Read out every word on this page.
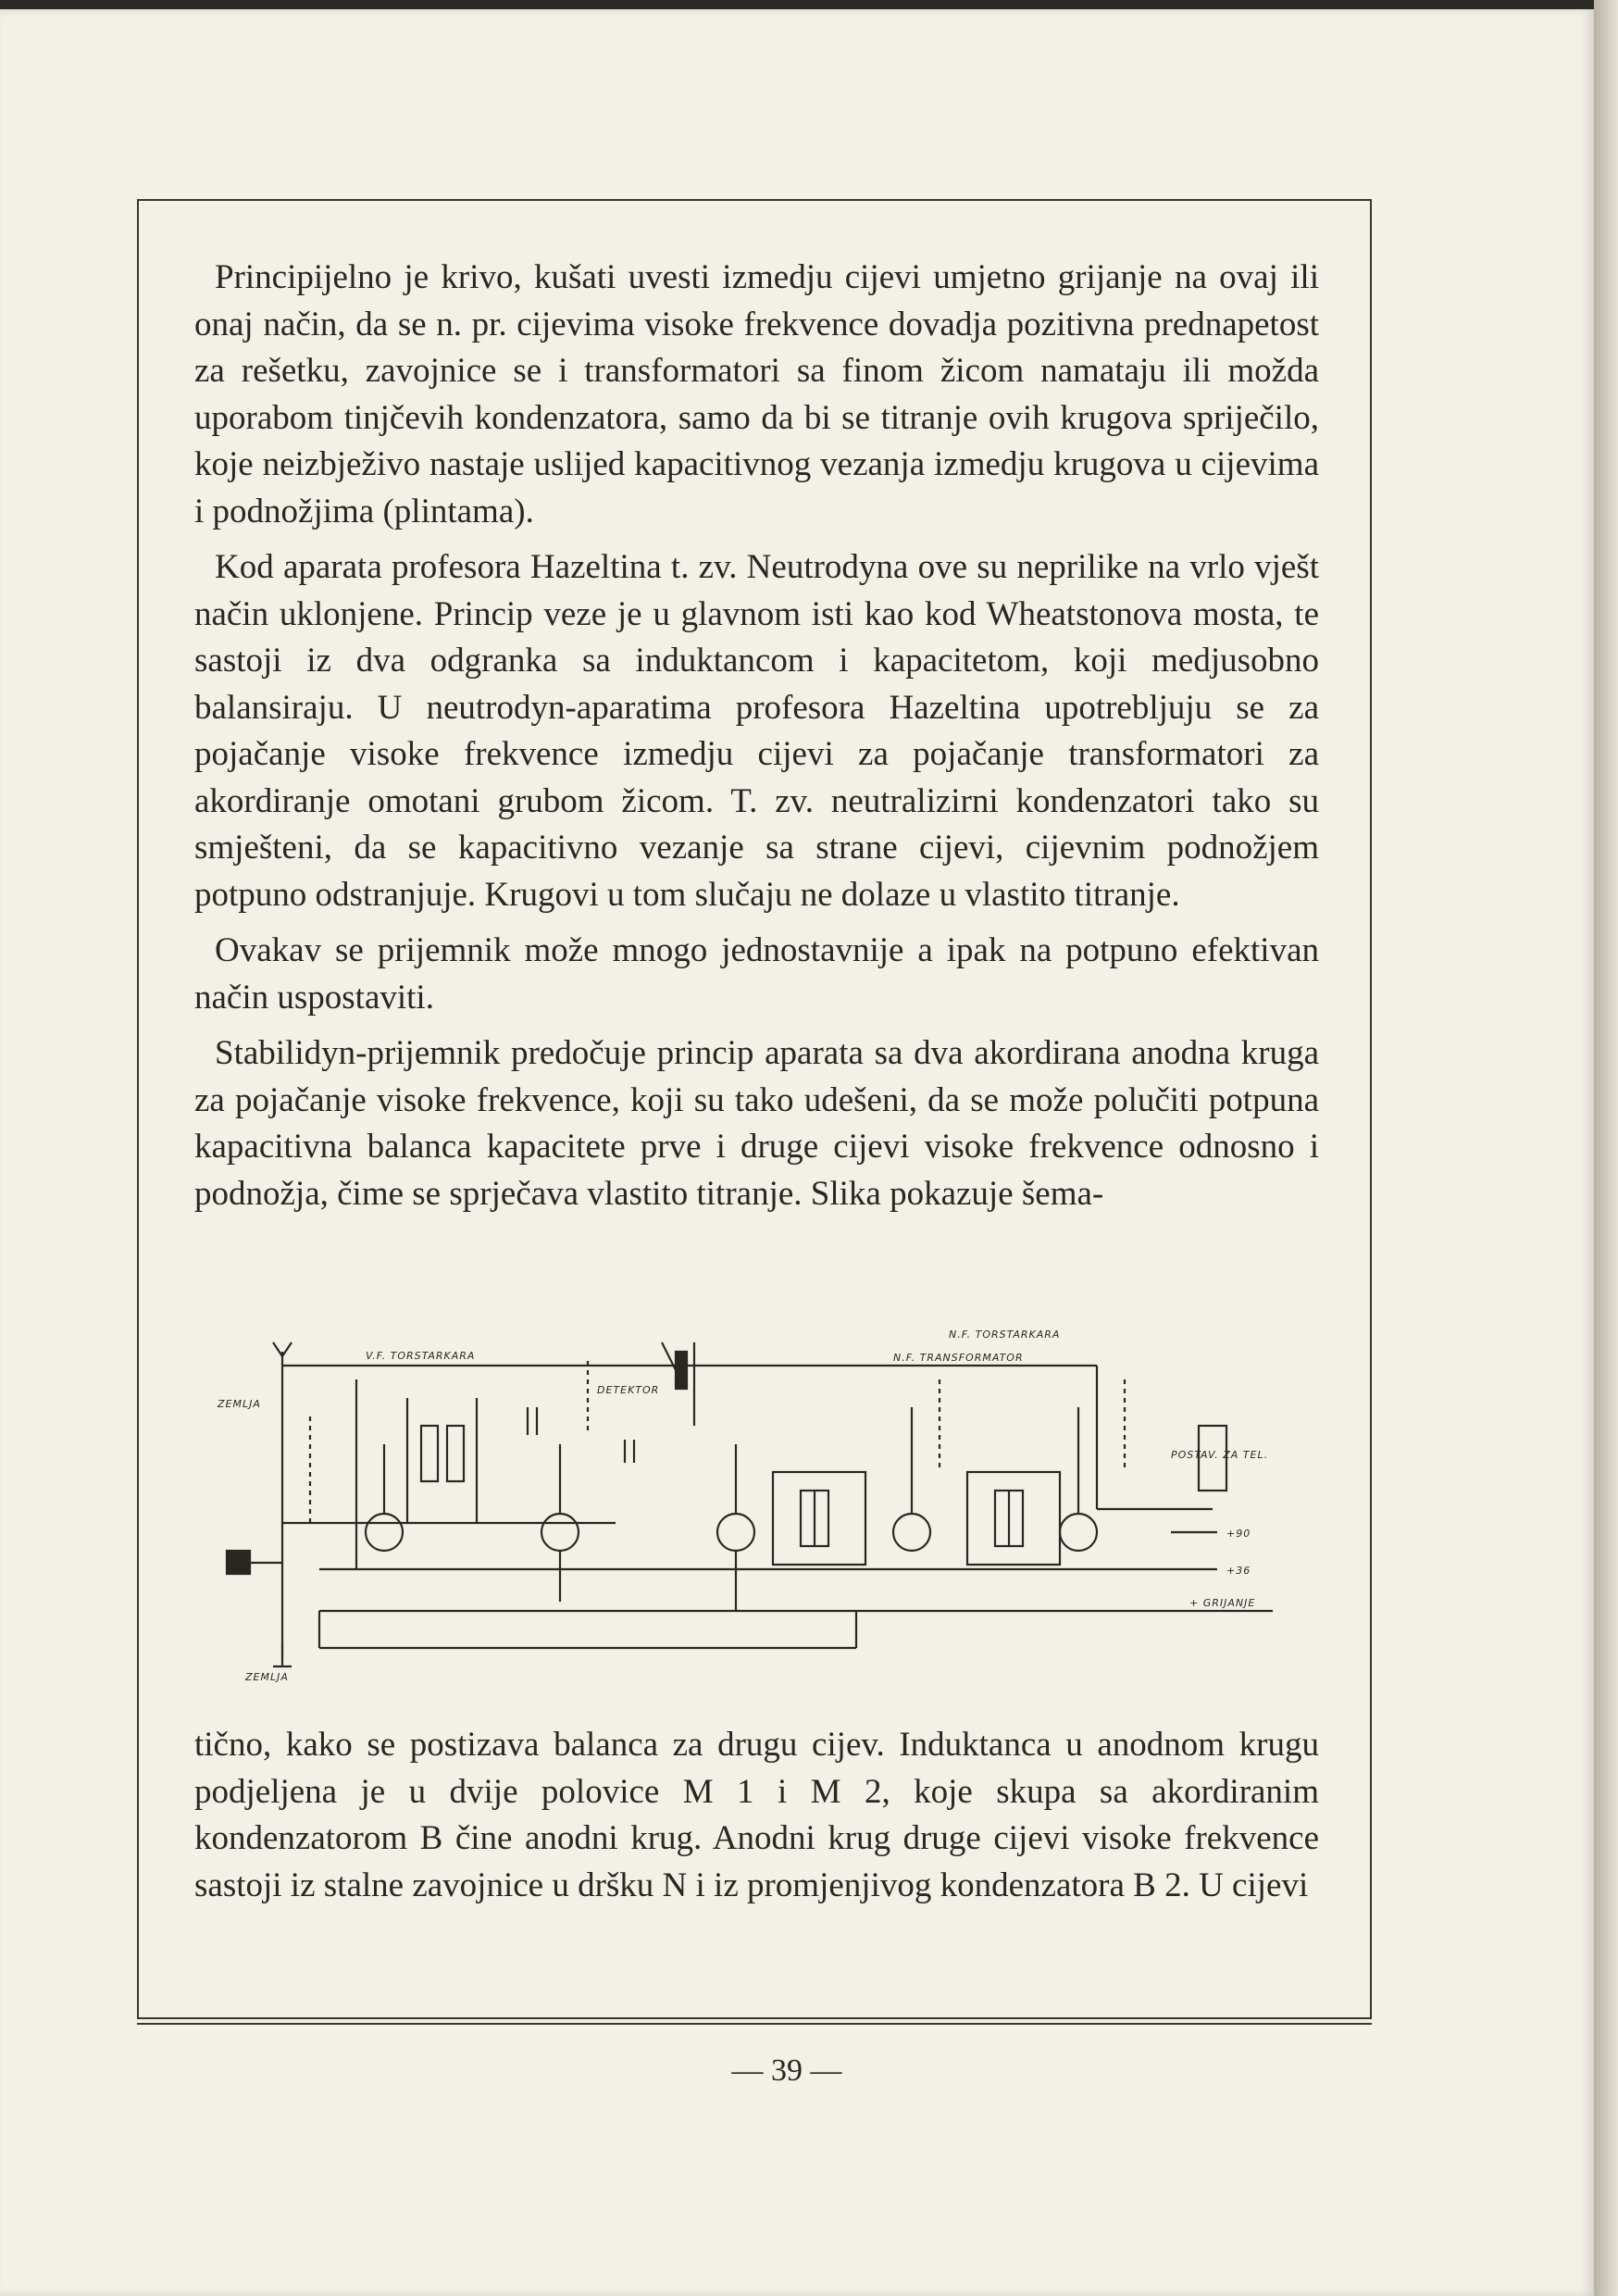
Principijelno je krivo, kušati uvesti izmedju cijevi umjetno grijanje na ovaj ili onaj način, da se n. pr. cijevima visoke frekvence dovadja pozitivna prednapetost za rešetku, zavojnice se i transformatori sa finom žicom namataju ili možda uporabom tinjčevih kondenzatora, samo da bi se titranje ovih krugova spriječilo, koje neizbježivo nastaje uslijed kapacitivnog vezanja izmedju krugova u cijevima i podnožjima (plintama).

Kod aparata profesora Hazeltina t. zv. Neutrodyna ove su neprilike na vrlo vješt način uklonjene. Princip veze je u glavnom isti kao kod Wheatstonova mosta, te sastoji iz dva odgranka sa induktancom i kapacitetom, koji medjusobno balansiraju. U neutrodyn-aparatima profesora Hazeltina upotrebljuju se za pojačanje visoke frekvence izmedju cijevi za pojačanje transformatori za akordiranje omotani grubom žicom. T. zv. neutralizirni kondenzatori tako su smješteni, da se kapacitivno vezanje sa strane cijevi, cijevnim podnožjem potpuno odstranjuje. Krugovi u tom slučaju ne dolaze u vlastito titranje.

Ovakav se prijemnik može mnogo jednostavnije a ipak na potpuno efektivan način uspostaviti.

Stabilidyn-prijemnik predočuje princip aparata sa dva akordirana anodna kruga za pojačanje visoke frekvence, koji su tako udešeni, da se može polučiti potpuna kapacitivna balanca kapacitete prve i druge cijevi visoke frekvence odnosno i podnožja, čime se sprječava vlastito titranje. Slika pokazuje šema-

V.F. TORSTARKARA
DETEKTOR
N.F. TRANSFORMATOR
N.F. TORSTARKARA
ZEMLJA
ZEMLJA
POSTAV. ZA TEL.
+90
+36
+ GRIJANJE

tično, kako se postizava balanca za drugu cijev. Induktanca u anodnom krugu podjeljena je u dvije polovice M 1 i M 2, koje skupa sa akordiranim kondenzatorom B čine anodni krug. Anodni krug druge cijevi visoke frekvence sastoji iz stalne zavojnice u dršku N i iz promjenjivog kondenzatora B 2. U cijevi

— 39 —
